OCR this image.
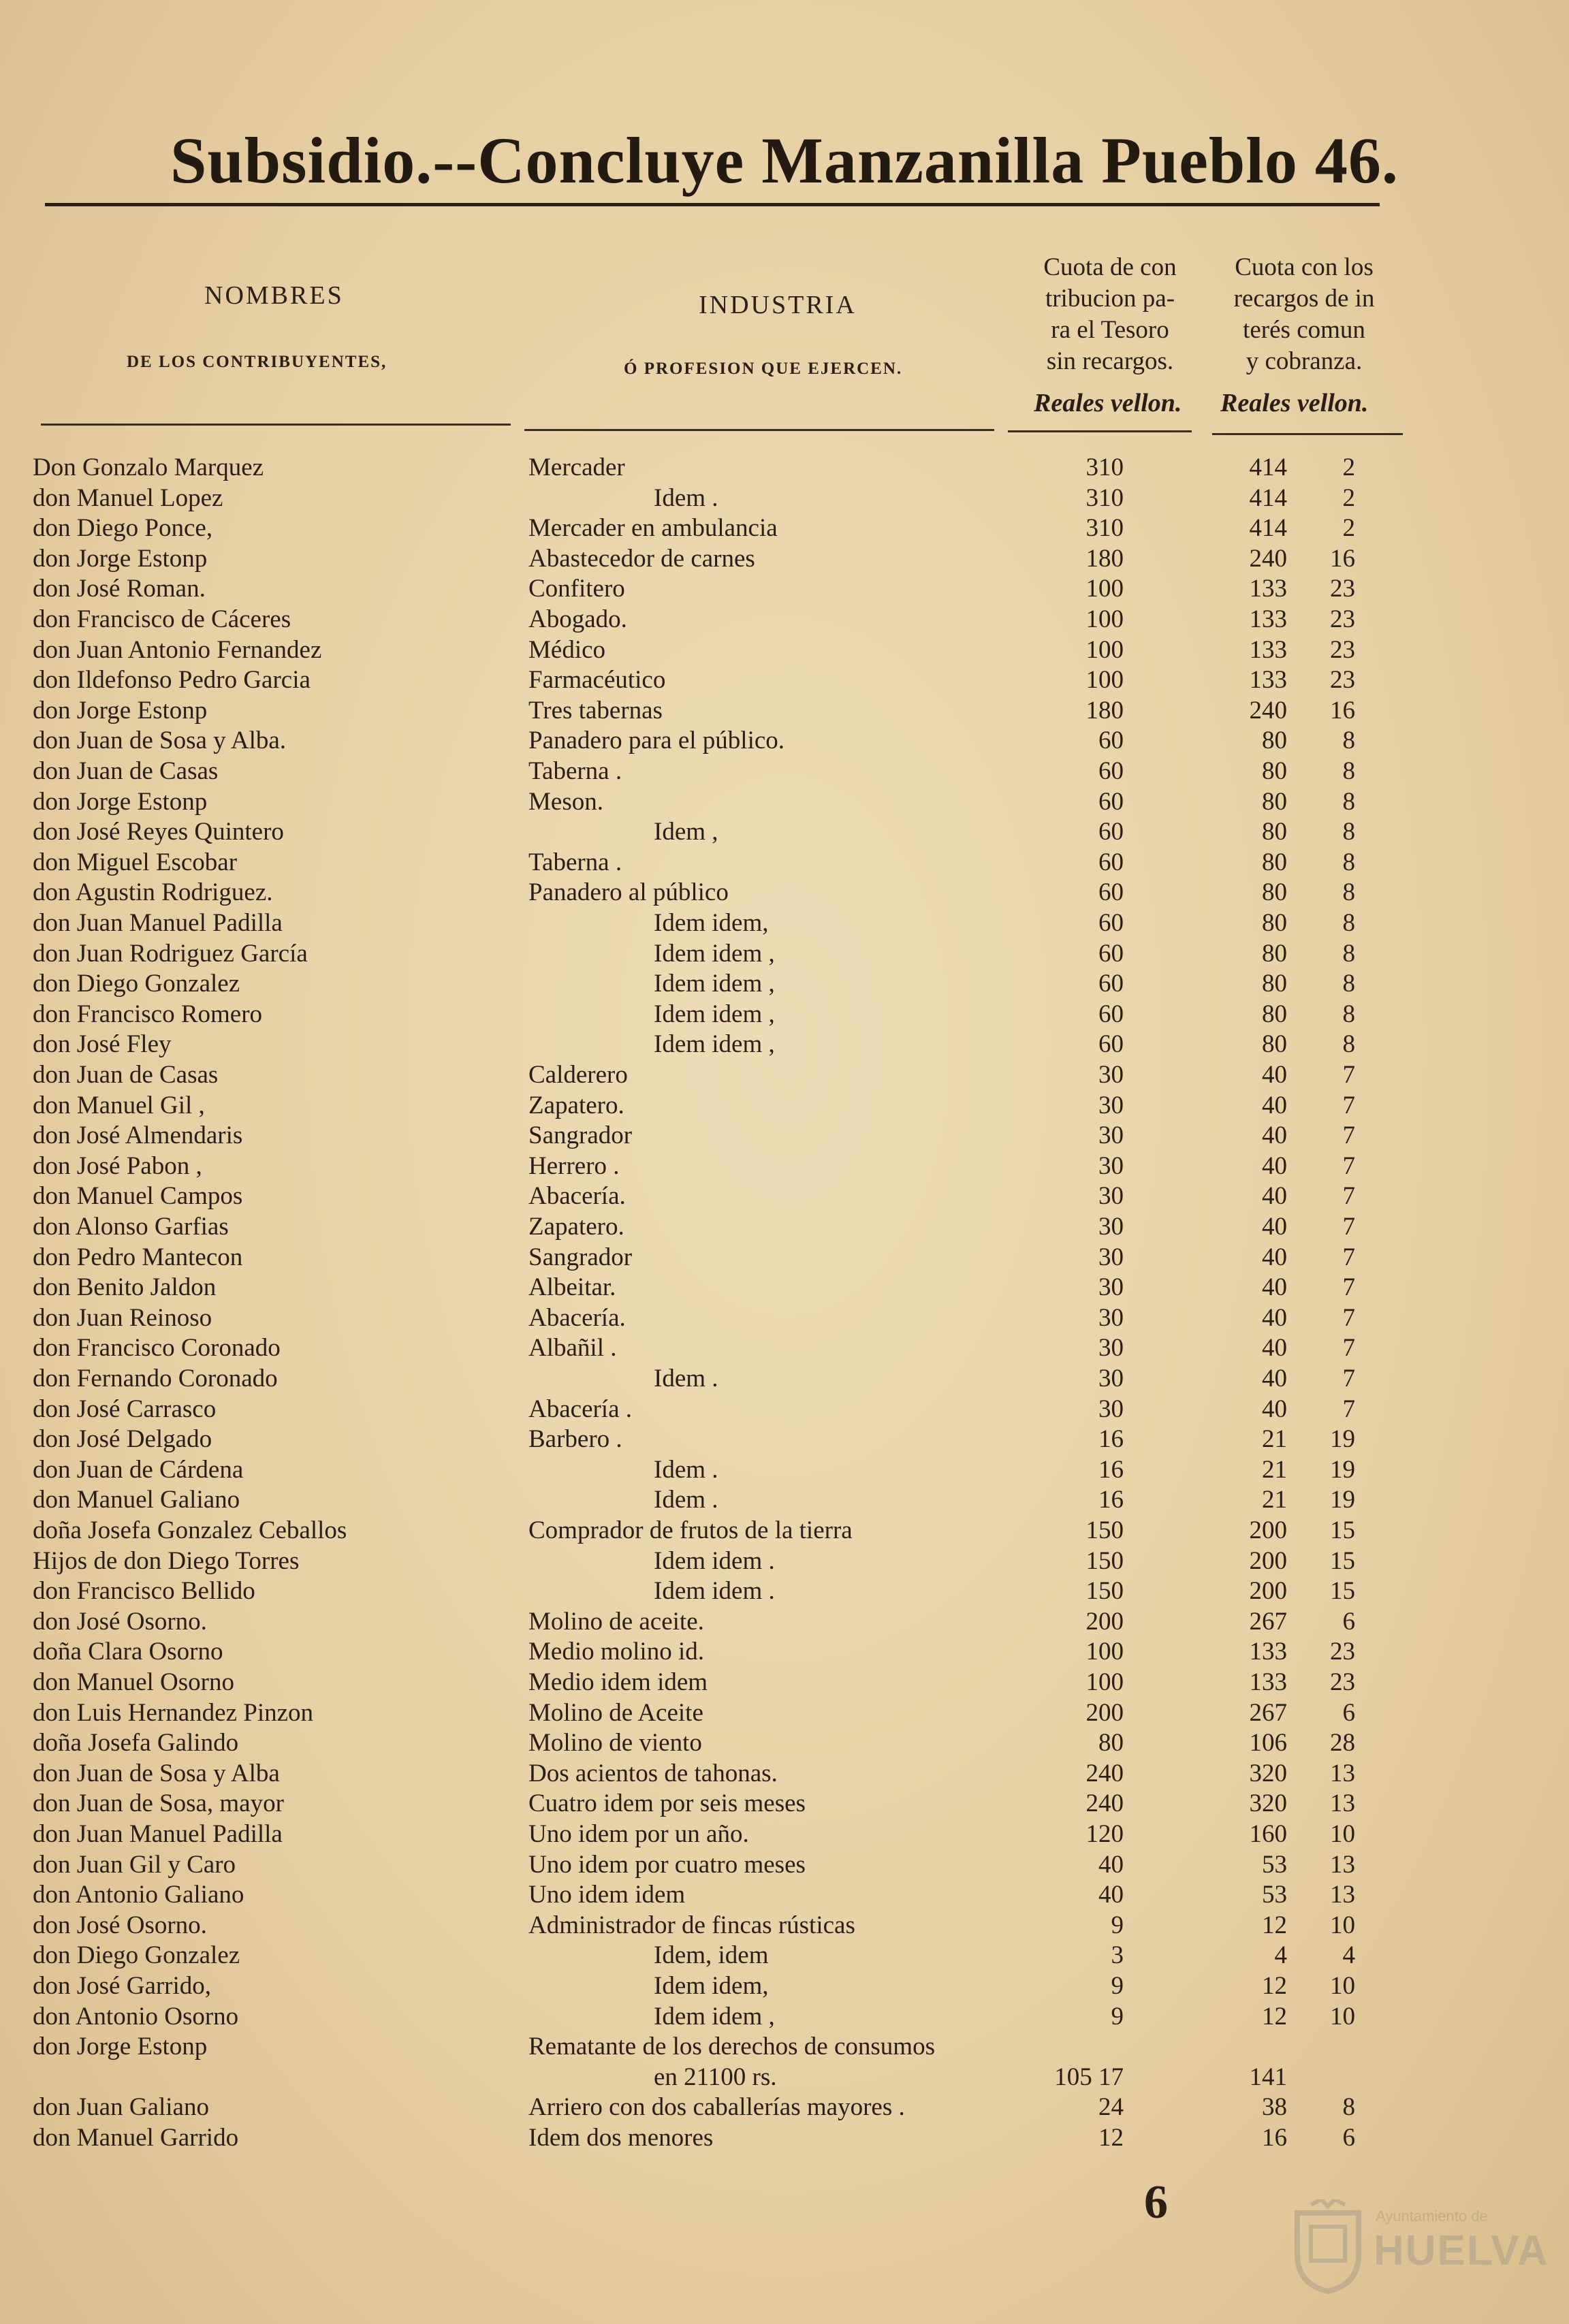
Subsidio.--Concluye Manzanilla Pueblo 46.
NOMBRES
DE LOS CONTRIBUYENTES,
INDUSTRIA
Ó PROFESION QUE EJERCEN.
Cuota de con
tribucion pa-
ra el Tesoro
sin recargos.
Cuota con los
recargos de in
terés comun
y cobranza.
Reales vellon. Reales vellon.
Don Gonzalo Marquez	Mercader	310	414	2
don Manuel Lopez	Idem .	310	414	2
don Diego Ponce,	Mercader en ambulancia	310	414	2
don Jorge Estonp	Abastecedor de carnes	180	240	16
don José Roman.	Confitero	100	133	23
don Francisco de Cáceres	Abogado.	100	133	23
don Juan Antonio Fernandez	Médico	100	133	23
don Ildefonso Pedro Garcia	Farmacéutico	100	133	23
don Jorge Estonp	Tres tabernas	180	240	16
don Juan de Sosa y Alba.	Panadero para el público.	60	80	8
don Juan de Casas	Taberna .	60	80	8
don Jorge Estonp	Meson.	60	80	8
don José Reyes Quintero	Idem ,	60	80	8
don Miguel Escobar	Taberna .	60	80	8
don Agustin Rodriguez.	Panadero al público	60	80	8
don Juan Manuel Padilla	Idem idem,	60	80	8
don Juan Rodriguez García	Idem idem ,	60	80	8
don Diego Gonzalez	Idem idem ,	60	80	8
don Francisco Romero	Idem idem ,	60	80	8
don José Fley	Idem idem ,	60	80	8
don Juan de Casas	Calderero	30	40	7
don Manuel Gil ,	Zapatero.	30	40	7
don José Almendaris	Sangrador	30	40	7
don José Pabon ,	Herrero .	30	40	7
don Manuel Campos	Abacería.	30	40	7
don Alonso Garfias	Zapatero.	30	40	7
don Pedro Mantecon	Sangrador	30	40	7
don Benito Jaldon	Albeitar.	30	40	7
don Juan Reinoso	Abacería.	30	40	7
don Francisco Coronado	Albañil .	30	40	7
don Fernando Coronado	Idem .	30	40	7
don José Carrasco	Abacería .	30	40	7
don José Delgado	Barbero .	16	21	19
don Juan de Cárdena	Idem .	16	21	19
don Manuel Galiano	Idem .	16	21	19
doña Josefa Gonzalez Ceballos	Comprador de frutos de la tierra	150	200	15
Hijos de don Diego Torres	Idem idem .	150	200	15
don Francisco Bellido	Idem idem .	150	200	15
don José Osorno.	Molino de aceite.	200	267	6
doña Clara Osorno	Medio molino id.	100	133	23
don Manuel Osorno	Medio idem idem	100	133	23
don Luis Hernandez Pinzon	Molino de Aceite	200	267	6
doña Josefa Galindo	Molino de viento	80	106	28
don Juan de Sosa y Alba	Dos acientos de tahonas.	240	320	13
don Juan de Sosa, mayor	Cuatro idem por seis meses	240	320	13
don Juan Manuel Padilla	Uno idem por un año.	120	160	10
don Juan Gil y Caro	Uno idem por cuatro meses	40	53	13
don Antonio Galiano	Uno idem idem	40	53	13
don José Osorno.	Administrador de fincas rústicas	9	12	10
don Diego Gonzalez	Idem, idem	3	4	4
don José Garrido,	Idem idem,	9	12	10
don Antonio Osorno	Idem idem ,	9	12	10
don Jorge Estonp	Rematante de los derechos de consumos
en 21100 rs.	105 17	141
don Juan Galiano	Arriero con dos caballerías mayores .	24	38	8
don Manuel Garrido	Idem dos menores	12	16	6
6	Ayuntamiento de
HUELVA
